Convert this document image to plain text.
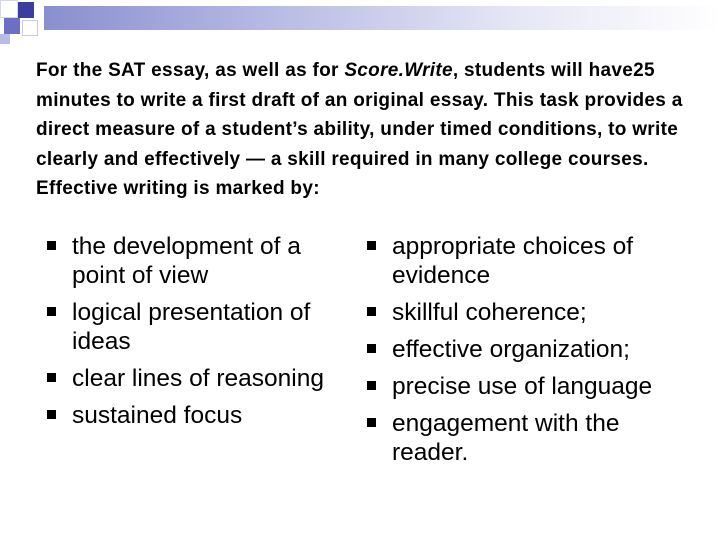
For the SAT essay, as well as for Score.Write, students will have25 minutes to write a first draft of an original essay. This task provides a direct measure of a student’s ability, under timed conditions, to write clearly and effectively — a skill required in many college courses. Effective writing is marked by:
the development of a point of view
logical presentation of ideas
clear lines of reasoning
sustained focus
appropriate choices of evidence
skillful coherence;
effective organization;
precise use of language
engagement with the reader.
